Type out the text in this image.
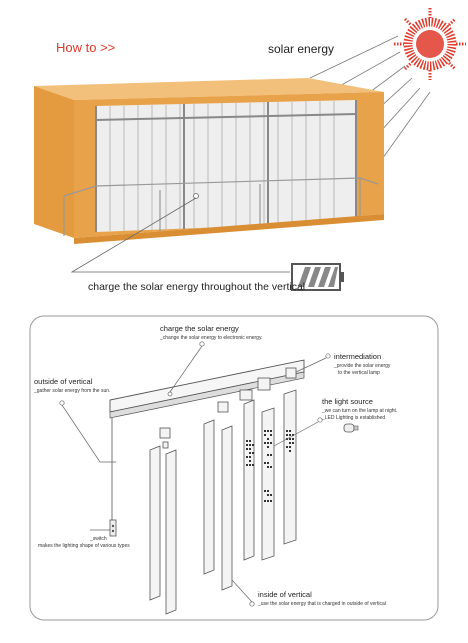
How to >>	solar energy
charge the solar energy throughout the vertical
charge the solar energy
_change the solar energy to electronic energy.
intermediation
_provide the solar energy
to the vertical lamp
outside of vertical
_gather solar energy from the sun.
the light source
_we can turn on the lamp at night.
_LED Lighting is established
_switch
makes the lighting shape of various types
inside of vertical
_use the solar energy that is charged in outside of vertical
